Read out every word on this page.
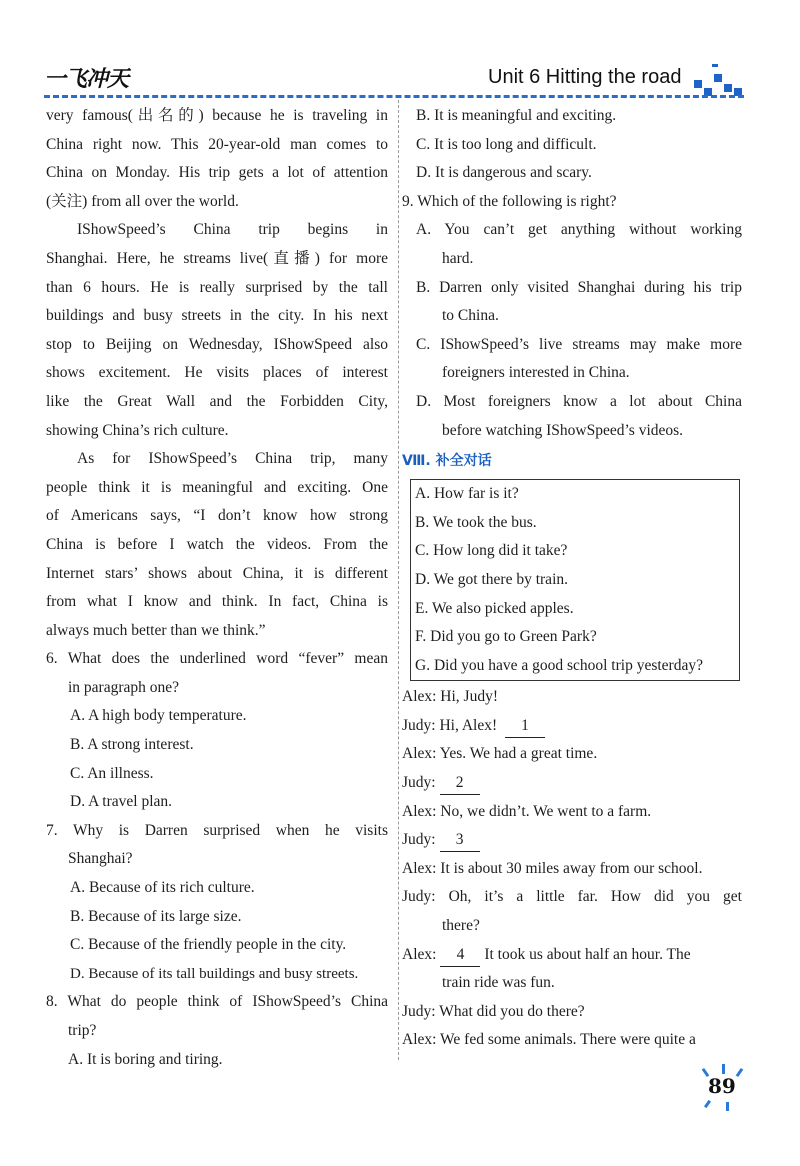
一飞冲天	Unit 6 Hitting the road

very famous(出名的) because he is traveling in

China right now. This 20-year-old man comes to

China on Monday. His trip gets a lot of attention

(关注) from all over the world.

IShowSpeed’s China trip begins in

Shanghai. Here, he streams live(直播) for more

than 6 hours. He is really surprised by the tall

buildings and busy streets in the city. In his next

stop to Beijing on Wednesday, IShowSpeed also

shows excitement. He visits places of interest

like the Great Wall and the Forbidden City,

showing China’s rich culture.

As for IShowSpeed’s China trip, many

people think it is meaningful and exciting. One

of Americans says, “I don’t know how strong

China is before I watch the videos. From the

Internet stars’ shows about China, it is different

from what I know and think. In fact, China is

always much better than we think.”

6. What does the underlined word “fever” mean

in paragraph one?

A. A high body temperature.

B. A strong interest.

C. An illness.

D. A travel plan.

7. Why is Darren surprised when he visits

Shanghai?

A. Because of its rich culture.

B. Because of its large size.

C. Because of the friendly people in the city.

D. Because of its tall buildings and busy streets.

8. What do people think of IShowSpeed’s China

trip?

A. It is boring and tiring.

B. It is meaningful and exciting.

C. It is too long and difficult.

D. It is dangerous and scary.

9. Which of the following is right?

A. You can’t get anything without working

hard.

B. Darren only visited Shanghai during his trip

to China.

C. IShowSpeed’s live streams may make more

foreigners interested in China.

D. Most foreigners know a lot about China

before watching IShowSpeed’s videos.

Ⅷ. 补全对话

A. How far is it?

B. We took the bus.

C. How long did it take?

D. We got there by train.

E. We also picked apples.

F. Did you go to Green Park?

G. Did you have a good school trip yesterday?

Alex: Hi, Judy!

Judy: Hi, Alex! 1

Alex: Yes. We had a great time.

Judy: 2

Alex: No, we didn’t. We went to a farm.

Judy: 3

Alex: It is about 30 miles away from our school.

Judy: Oh, it’s a little far. How did you get

there?

Alex: 4 It took us about half an hour. The

train ride was fun.

Judy: What did you do there?

Alex: We fed some animals. There were quite a

89
